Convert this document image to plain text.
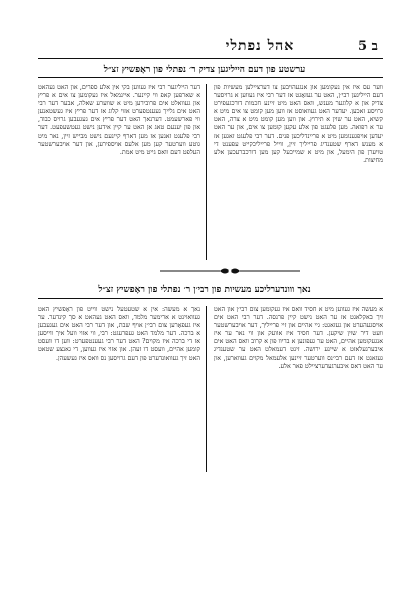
אהל נפתלי	ב 5
ערשטע פון דעם הייליגען צדיק ר׳ נפתלי פון ראָפשיץ זצ״ל

ווער עס איז אין נעקומען און אנגעהויבען צו דערציילען מעשיות פון דעם הייליגען רבי׳ן, האט ער געזאָגט אז דער רבי איז געווען א גרויסער צדיק און א קלוגער מענש, וואס האט מיט זיינע חכמות דורכגעפירט גרויסע זאכען. יעדער האט געוואוסט אז ווען מען קומט צו אים מיט א קשיא, האט ער שוין א תירוץ. און ווען מען קומט מיט א צרה, האט ער א רפואה. מען פלעגט פון אלע עקען קומען צו אים, און ער האט יעדען אויפגענומען מיט א פריינדליכען פנים. דער רבי פלעגט זאגען אז א מענש דארף שטענדיג פרייליך זיין, ווייל פרייליכקייט עפענט די טויערן פון הימעל, און מיט א שמייכעל קען מען דורכברעכען אלע מחיצות.

דער הייליגער רבי איז געווען בקי אין אלע ספרים, און האט געהאט א שארפען קאפ ווי קיינער. איינמאל איז געקומען צו אים א פריץ און געוואלט אים פרובירען מיט א שווערע שאלה, אבער דער רבי האט אים גלייך געענטפערט אזוי קלוג אז דער פריץ איז געשטאנען ווי פארשעמט. דערנאך האט דער פריץ אים געגעבען גרויס כבוד, און פון יענעם טאג אן האט ער קיין אידען נישט געטשעפעט. דער רבי פלעגט זאגען אז מען דארף קיינעם נישט מבייש זיין, נאר מיט גוטע ווערטער קען מען אלעס אויספירען, און דער אויבערשטער העלפט דעם וואס גייט מיט אמת.

נאך ווונדערליכע מעשיות פון רבי׳ן ר׳ נפתלי פון ראָפשיץ זצ״ל

א מעשה איז געווען מיט א חסיד וואס איז געקומען צום רבי׳ן און האט זיך באקלאגט אז ער האט נישט קיין פרנסה. דער רבי האט אים אויסגעהערט און געזאגט: גיי אהיים און זיי פרייליך, דער אויבערשטער וועט דיר שוין שיקען. דער חסיד איז אוועק און ווי נאר ער איז אנגעקומען אהיים, האט ער געפונען א בריוו פון א קרוב וואס האט אים איבערגעלאזט א שיינע ירושה. זינט דעמאלט האט ער שטענדיג געזאגט אז דעם רבי׳נס ווערטער זיינען אלעמאל מקוים געווארען, און ער האט דאס איבערגעדערציילט פאר אלע.

נאך א מעשה: אין א שטעטעל נישט ווייט פון ראָפשיץ האט געוואוינט א ארימער מלמד, וואס האט געהאט א סך קינדער. ער איז געפאָרען צום רבי׳ן אויף שבת, און דער רבי האט אים געגעבען א ברכה. דער מלמד האט געפרעגט: רבי, ווי אזוי וועל איך ווייסען אז די ברכה איז מקוים? האט דער רבי געענטפערט: ווען דו וועסט קומען אהיים, וועסט דו זעהן. און אזוי איז געווען, די גאנצע שטאט האט זיך געוואונדערט פון דעם גרויסען נס וואס איז געשעהן.
